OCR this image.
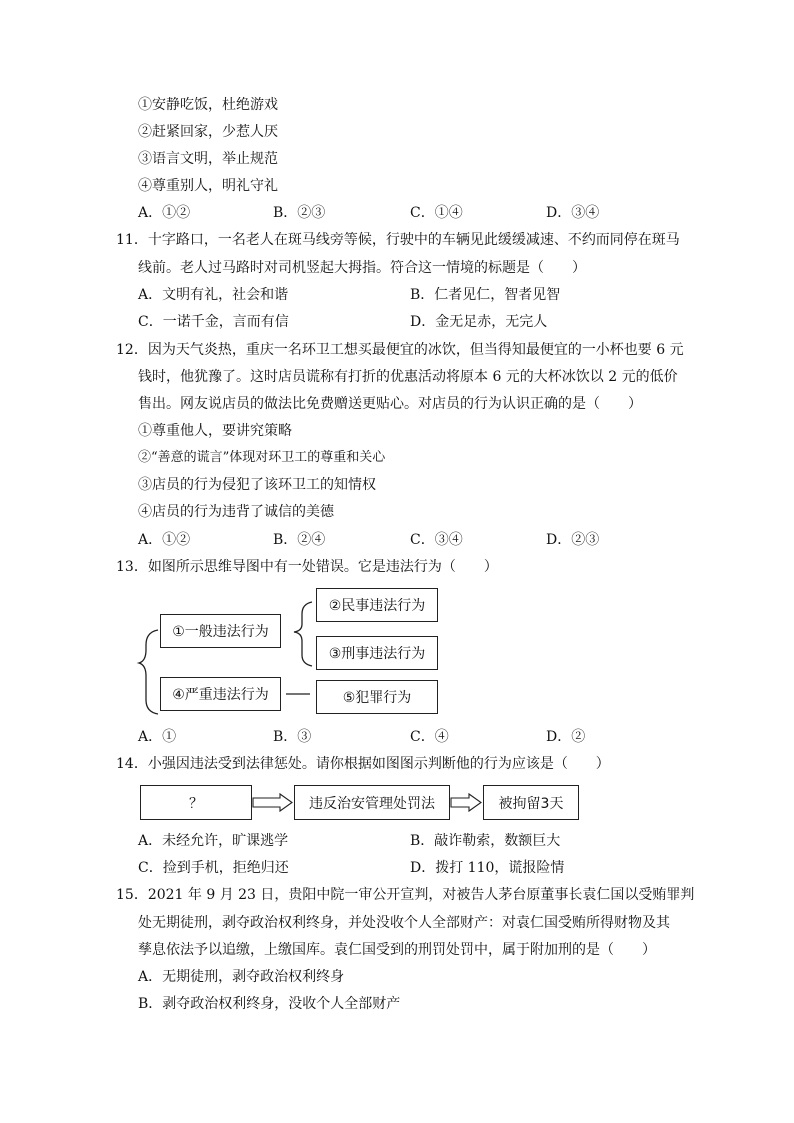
①安静吃饭，杜绝游戏
②赶紧回家，少惹人厌
③语言文明，举止规范
④尊重别人，明礼守礼
A．①②	B．②③	C．①④	D．③④
11．十字路口，一名老人在斑马线旁等候，行驶中的车辆见此缓缓减速、不约而同停在斑马
线前。老人过马路时对司机竖起大拇指。符合这一情境的标题是（　　）
A．文明有礼，社会和谐	B．仁者见仁，智者见智
C．一诺千金，言而有信	D．金无足赤，无完人
12．因为天气炎热，重庆一名环卫工想买最便宜的冰饮，但当得知最便宜的一小杯也要 6 元
钱时，他犹豫了。这时店员谎称有打折的优惠活动将原本 6 元的大杯冰饮以 2 元的低价
售出。网友说店员的做法比免费赠送更贴心。对店员的行为认识正确的是（　　）
①尊重他人，要讲究策略
②“善意的谎言”体现对环卫工的尊重和关心
③店员的行为侵犯了该环卫工的知情权
④店员的行为违背了诚信的美德
A．①②	B．②④	C．③④	D．②③
13．如图所示思维导图中有一处错误。它是违法行为（　　）
①一般违法行为
②民事违法行为
③刑事违法行为
④严重违法行为	⑤犯罪行为
A．①	B．③	C．④	D．②
14．小强因违法受到法律惩处。请你根据如图图示判断他的行为应该是（　　）
？	违反治安管理处罚法	被拘留3天
A．未经允许，旷课逃学	B．敲诈勒索，数额巨大
C．捡到手机，拒绝归还	D．拨打 110，谎报险情
15．2021 年 9 月 23 日，贵阳中院一审公开宣判，对被告人茅台原董事长袁仁国以受贿罪判
处无期徒刑，剥夺政治权利终身，并处没收个人全部财产：对袁仁国受贿所得财物及其
孳息依法予以追缴，上缴国库。袁仁国受到的刑罚处罚中，属于附加刑的是（　　）
A．无期徒刑，剥夺政治权利终身
B．剥夺政治权利终身，没收个人全部财产
